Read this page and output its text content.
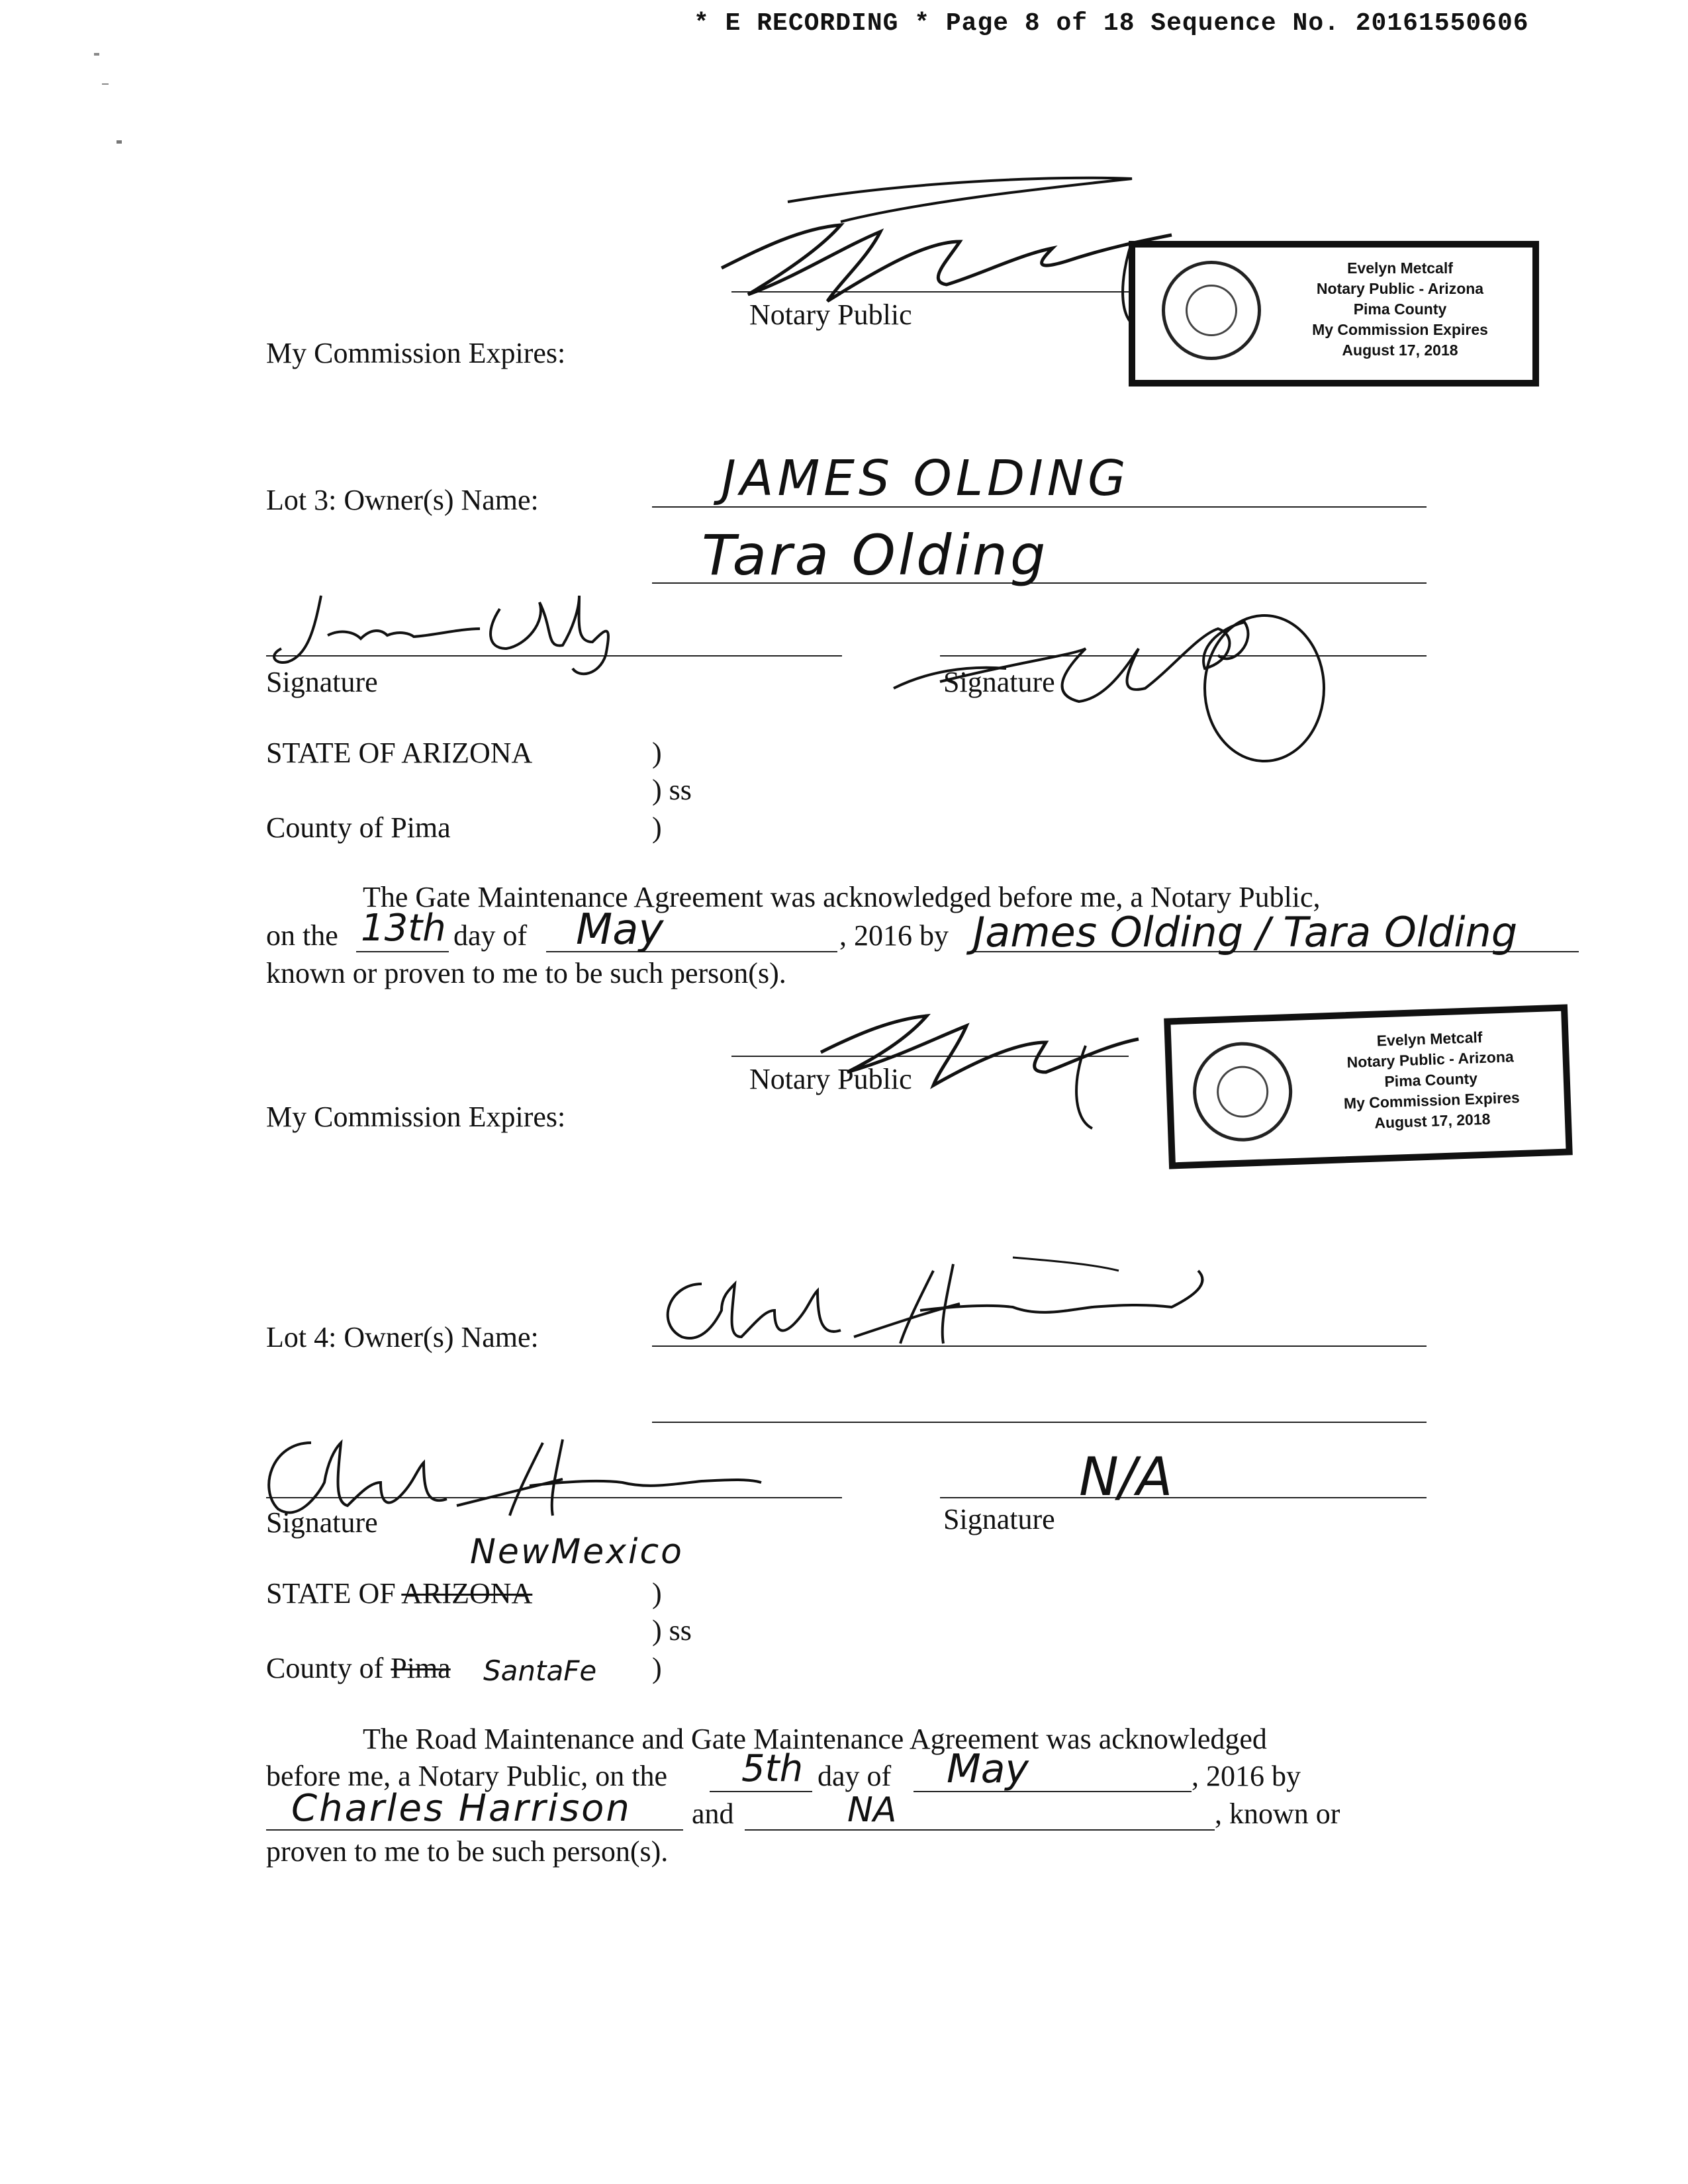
* E RECORDING * Page 8 of 18 Sequence No. 20161550606
Notary Public
My Commission Expires:
Evelyn Metcalf
Notary Public - Arizona
Pima County
My Commission Expires
August 17, 2018
Lot 3: Owner(s) Name:	JAMES OLDING
Tara Olding
Signature	Signature
STATE OF ARIZONA	)
) ss
County of Pima	)
The Gate Maintenance Agreement was acknowledged before me, a Notary Public,
on the 13th day of May	, 2016 by James Olding / Tara Olding
known or proven to me to be such person(s).
Notary Public
My Commission Expires:
Evelyn Metcalf
Notary Public - Arizona
Pima County
My Commission Expires
August 17, 2018
Lot 4: Owner(s) Name:
Signature
N/A
Signature
NewMexico
STATE OF ARIZONA	)
) ss
County of Pima SantaFe )
The Road Maintenance and Gate Maintenance Agreement was acknowledged
before me, a Notary Public, on the 5th day of May	, 2016 by
Charles Harrison and	NA	, known or
proven to me to be such person(s).
